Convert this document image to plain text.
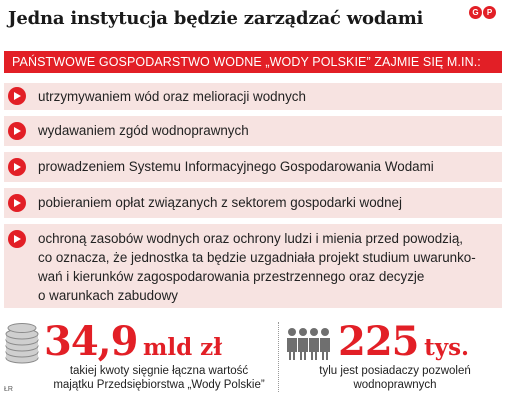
Jedna instytucja będzie zarządzać wodami	G	P
PAŃSTWOWE GOSPODARSTWO WODNE „WODY POLSKIE” ZAJMIE SIĘ M.IN.:
utrzymywaniem wód oraz melioracji wodnych
wydawaniem zgód wodnoprawnych
prowadzeniem Systemu Informacyjnego Gospodarowania Wodami
pobieraniem opłat związanych z sektorem gospodarki wodnej
ochroną zasobów wodnych oraz ochrony ludzi i mienia przed powodzią,
co oznacza, że jednostka ta będzie uzgadniała projekt studium uwarunko-
wań i kierunków zagospodarowania przestrzennego oraz decyzje
o warunkach zabudowy
34,9 mld zł
takiej kwoty sięgnie łączna wartość
majątku Przedsiębiorstwa „Wody Polskie”
225 tys.
tylu jest posiadaczy pozwoleń
wodnoprawnych
ŁR
